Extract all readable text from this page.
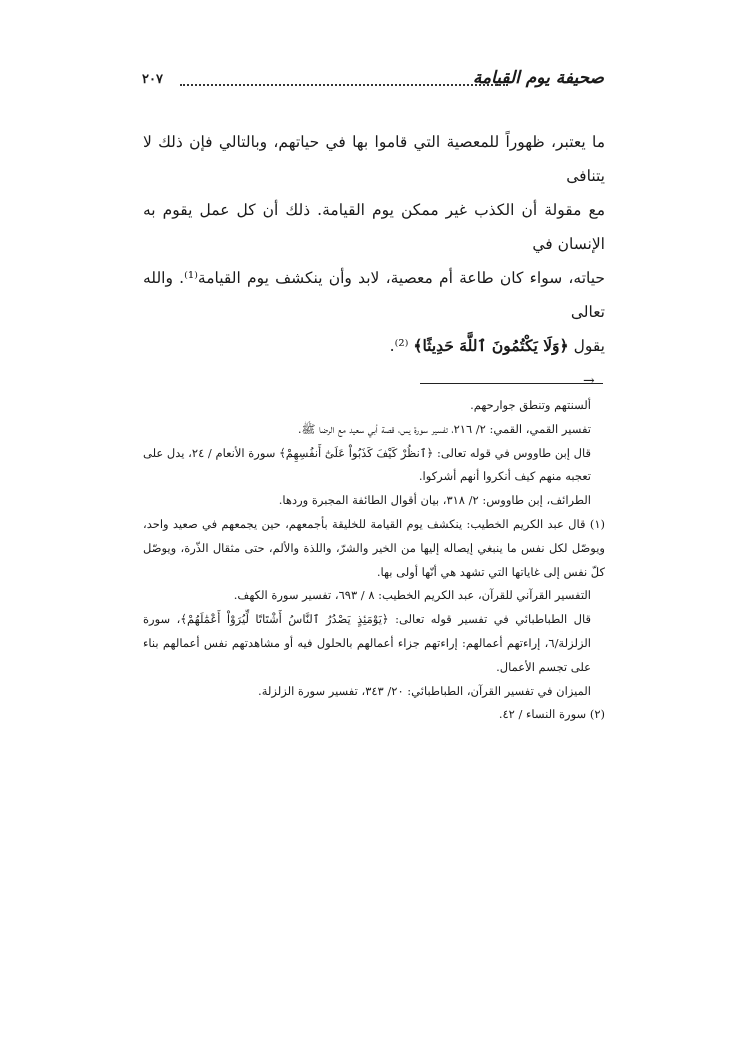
صحيفة يوم القيامة
٢٠٧

ما يعتبر، ظهوراً للمعصية التي قاموا بها في حياتهم، وبالتالي فإن ذلك لا يتنافى

مع مقولة أن الكذب غير ممكن يوم القيامة. ذلك أن كل عمل يقوم به الإنسان في

حياته، سواء كان طاعة أم معصية، لابد وأن ينكشف يوم القيامة⁽¹⁾. والله تعالى

يقول ﴿وَلَا يَكْتُمُونَ ٱللَّهَ حَدِيثًا﴾ ⁽²⁾.

→

ألسنتهم وتنطق جوارحهم.

تفسير القمي، القمي: ٢/ ٢١٦، تفسير سورة يس، قصة أبي سعيد مع الرضا ﷺ.

قال إبن طاووس في قوله تعالى: ﴿ٱنظُرْ كَيْفَ كَذَبُواْ عَلَىٰٓ أَنفُسِهِمْ﴾ سورة الأنعام / ٢٤، يدل على تعجبه منهم كيف أنكروا أنهم أشركوا.

الطرائف، إبن طاووس: ٢/ ٣١٨، بيان أقوال الطائفة المجبرة وردها.

(١) قال عبد الكريم الخطيب: ينكشف يوم القيامة للخليقة بأجمعهم، حين يجمعهم في صعيد واحد، ويوصّل لكل نفس ما ينبغي إيصاله إليها من الخير والشرّ، واللذة والألم، حتى مثقال الذّرة، ويوصّل كلّ نفس إلى غاياتها التي تشهد هي أنّها أولى بها.

التفسير القرآني للقرآن، عبد الكريم الخطيب: ٨ / ٦٩٣، تفسير سورة الكهف.

قال الطباطبائي في تفسير قوله تعالى: ﴿يَوْمَئِذٍ يَصْدُرُ ٱلنَّاسُ أَشْتَاتًا لِّيُرَوْاْ أَعْمَٰلَهُمْ﴾، سورة الزلزلة/٦، إراءتهم أعمالهم: إراءتهم جزاء أعمالهم بالحلول فيه أو مشاهدتهم نفس أعمالهم بناء على تجسم الأعمال.

الميزان في تفسير القرآن، الطباطبائي: ٢٠/ ٣٤٣، تفسير سورة الزلزلة.

(٢) سورة النساء / ٤٢.
